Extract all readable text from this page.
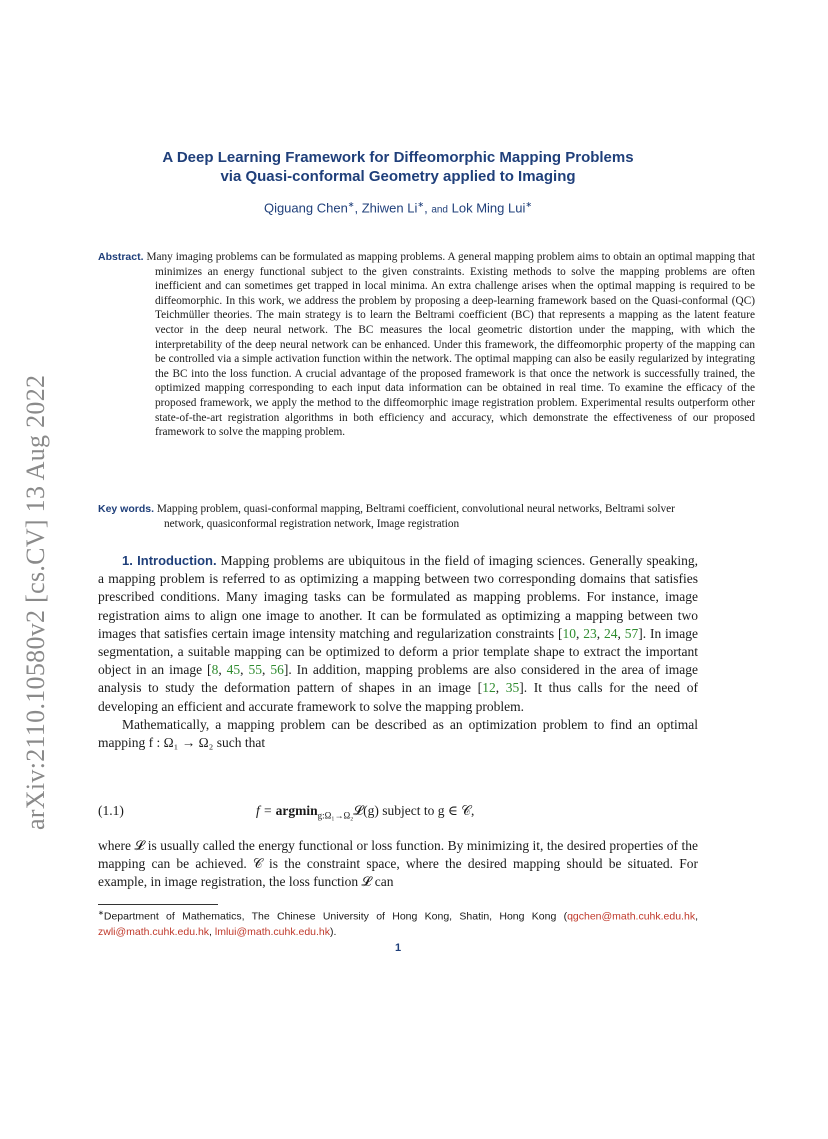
arXiv:2110.10580v2 [cs.CV] 13 Aug 2022
A Deep Learning Framework for Diffeomorphic Mapping Problems
via Quasi-conformal Geometry applied to Imaging
Qiguang Chen∗, Zhiwen Li∗, and Lok Ming Lui∗
Abstract. Many imaging problems can be formulated as mapping problems. A general mapping problem aims to obtain an optimal mapping that minimizes an energy functional subject to the given constraints. Existing methods to solve the mapping problems are often inefficient and can sometimes get trapped in local minima. An extra challenge arises when the optimal mapping is required to be diffeomorphic. In this work, we address the problem by proposing a deep-learning framework based on the Quasi-conformal (QC) Teichmüller theories. The main strategy is to learn the Beltrami coefficient (BC) that represents a mapping as the latent feature vector in the deep neural network. The BC measures the local geometric distortion under the mapping, with which the interpretability of the deep neural network can be enhanced. Under this framework, the diffeomorphic property of the mapping can be controlled via a simple activation function within the network. The optimal mapping can also be easily regularized by integrating the BC into the loss function. A crucial advantage of the proposed framework is that once the network is successfully trained, the optimized mapping corresponding to each input data information can be obtained in real time. To examine the efficacy of the proposed framework, we apply the method to the diffeomorphic image registration problem. Experimental results outperform other state-of-the-art registration algorithms in both efficiency and accuracy, which demonstrate the effectiveness of our proposed framework to solve the mapping problem.
Key words. Mapping problem, quasi-conformal mapping, Beltrami coefficient, convolutional neural networks, Beltrami solver network, quasiconformal registration network, Image registration

1. Introduction. Mapping problems are ubiquitous in the field of imaging sciences. Generally speaking, a mapping problem is referred to as optimizing a mapping between two corresponding domains that satisfies prescribed conditions. Many imaging tasks can be formulated as mapping problems. For instance, image registration aims to align one image to another. It can be formulated as optimizing a mapping between two images that satisfies certain image intensity matching and regularization constraints [10, 23, 24, 57]. In image segmentation, a suitable mapping can be optimized to deform a prior template shape to extract the important object in an image [8, 45, 55, 56]. In addition, mapping problems are also considered in the area of image analysis to study the deformation pattern of shapes in an image [12, 35]. It thus calls for the need of developing an efficient and accurate framework to solve the mapping problem.

Mathematically, a mapping problem can be described as an optimization problem to find an optimal mapping f : Ω₁ → Ω₂ such that

(1.1)	f = argmin$_{g:\Omega_1\to\Omega_2}$𝓛(g) subject to g ∈ 𝒞,

where 𝓛 is usually called the energy functional or loss function. By minimizing it, the desired properties of the mapping can be achieved. 𝒞 is the constraint space, where the desired mapping should be situated. For example, in image registration, the loss function 𝓛 can

∗Department of Mathematics, The Chinese University of Hong Kong, Shatin, Hong Kong (qgchen@math.cuhk.edu.hk, zwli@math.cuhk.edu.hk, lmlui@math.cuhk.edu.hk).
1
